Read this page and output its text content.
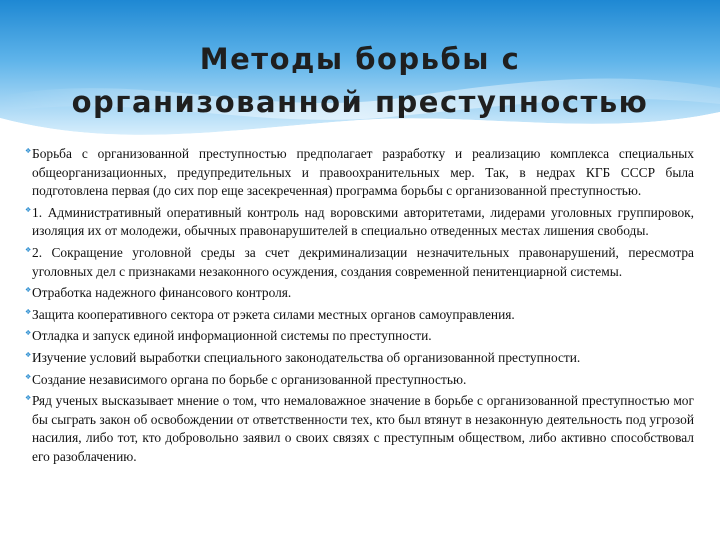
Методы борьбы с
организованной преступностью
❖ Борьба с организованной преступностью предполагает разработку и реализацию комплекса специальных общеорганизационных, предупредительных и правоохранительных мер. Так, в недрах КГБ СССР была подготовлена первая (до сих пор еще засекреченная) программа борьбы с организованной преступностью.
❖ 1. Административный оперативный контроль над воровскими авторитетами, лидерами уголовных группировок, изоляция их от молодежи, обычных правонарушителей в специально отведенных местах лишения свободы.
❖ 2. Сокращение уголовной среды за счет декриминализации незначительных правонарушений, пересмотра уголовных дел с признаками незаконного осуждения, создания современной пенитенциарной системы.
❖ Отработка надежного финансового контроля.
❖ Защита кооперативного сектора от рэкета силами местных органов самоуправления.
❖ Отладка и запуск единой информационной системы по преступности.
❖ Изучение условий выработки специального законодательства об организованной преступности.
❖ Создание независимого органа по борьбе с организованной преступностью.
❖ Ряд ученых высказывает мнение о том, что немаловажное значение в борьбе с организованной преступностью мог бы сыграть закон об освобождении от ответственности тех, кто был втянут в незаконную деятельность под угрозой насилия, либо тот, кто добровольно заявил о своих связях с преступным обществом, либо активно способствовал его разоблачению.
